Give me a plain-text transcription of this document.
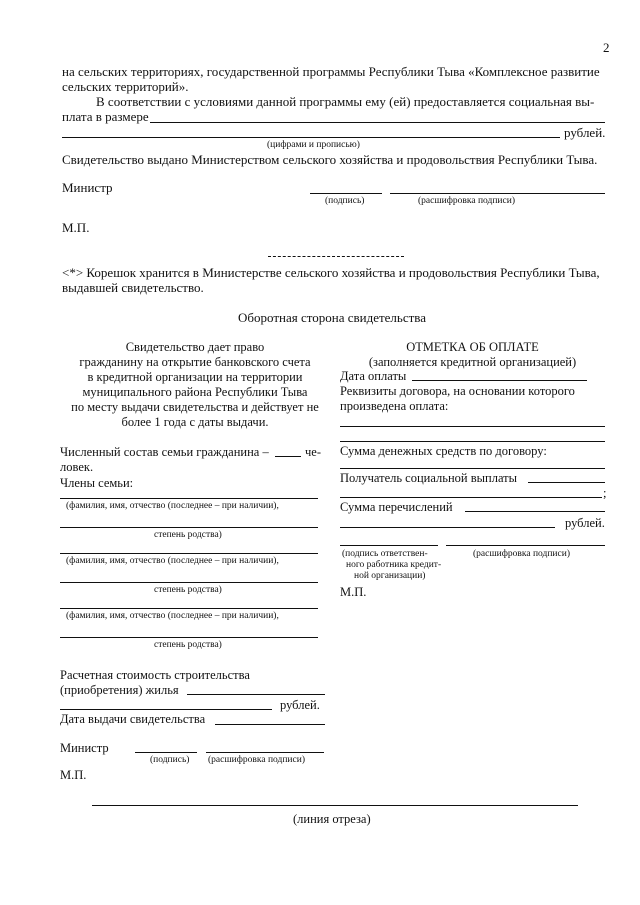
2
на сельских территориях, государственной программы Республики Тыва «Комплексное развитие
сельских территорий».
В соответствии с условиями данной программы ему (ей) предоставляется социальная вы-
плата в размере
рублей.
(цифрами и прописью)
Свидетельство выдано Министерством сельского хозяйства и продовольствия Республики Тыва.
Министр
(подпись)	(расшифровка подписи)
М.П.
<*> Корешок хранится в Министерстве сельского хозяйства и продовольствия Республики Тыва,
выдавшей свидетельство.
Оборотная сторона свидетельства
Свидетельство дает право
гражданину на открытие банковского счета
в кредитной организации на территории
муниципального района Республики Тыва
по месту выдачи свидетельства и действует не
более 1 года с даты выдачи.
Численный состав семьи гражданина –	че-
ловек.
Члены семьи:
(фамилия, имя, отчество (последнее – при наличии),
степень родства)
(фамилия, имя, отчество (последнее – при наличии),
степень родства)
(фамилия, имя, отчество (последнее – при наличии),
степень родства)
Расчетная стоимость строительства
(приобретения) жилья
рублей.
Дата выдачи свидетельства
Министр
(подпись) (расшифровка подписи)
М.П.
ОТМЕТКА ОБ ОПЛАТЕ
(заполняется кредитной организацией)
Дата оплаты
Реквизиты договора, на основании которого
произведена оплата:
Сумма денежных средств по договору:
Получатель социальной выплаты
;
Сумма перечислений
рублей.
(подпись ответствен-
ного работника кредит-
ной организации)
(расшифровка подписи)
М.П.
(линия отреза)
